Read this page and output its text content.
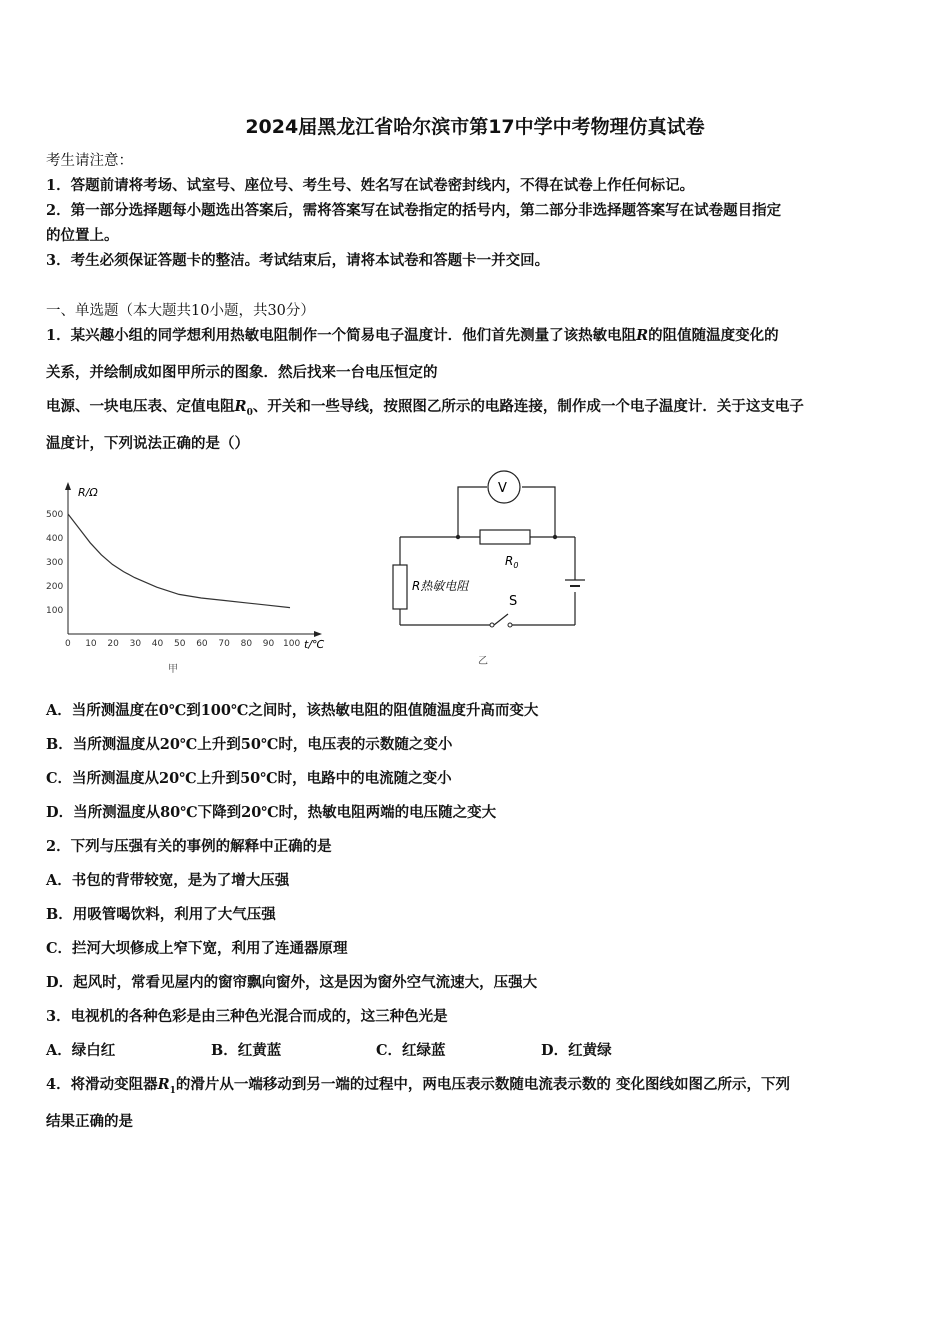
2024届黑龙江省哈尔滨市第17中学中考物理仿真试卷
考生请注意：
1．答题前请将考场、试室号、座位号、考生号、姓名写在试卷密封线内，不得在试卷上作任何标记。
2．第一部分选择题每小题选出答案后，需将答案写在试卷指定的括号内，第二部分非选择题答案写在试卷题目指定
的位置上。
3．考生必须保证答题卡的整洁。考试结束后，请将本试卷和答题卡一并交回。
一、单选题（本大题共10小题，共30分）
1．某兴趣小组的同学想利用热敏电阻制作一个简易电子温度计．他们首先测量了该热敏电阻R的阻值随温度变化的
关系，并绘制成如图甲所示的图象．然后找来一台电压恒定的
电源、一块电压表、定值电阻$R_0$、开关和一些导线，按照图乙所示的电路连接，制作成一个电子温度计．关于这支电子
温度计，下列说法正确的是（）
R/Ω
t/℃
0 10 20 30 40 50 60 70 80 90 100
100
200
300
400
500
甲
V
$R_0$
R热敏电阻
S
乙
A．当所测温度在0℃到100℃之间时，该热敏电阻的阻值随温度升高而变大
B．当所测温度从20℃上升到50℃时，电压表的示数随之变小
C．当所测温度从20℃上升到50℃时，电路中的电流随之变小
D．当所测温度从80℃下降到20℃时，热敏电阻两端的电压随之变大
2．下列与压强有关的事例的解释中正确的是
A．书包的背带较宽，是为了增大压强
B．用吸管喝饮料，利用了大气压强
C．拦河大坝修成上窄下宽，利用了连通器原理
D．起风时，常看见屋内的窗帘飘向窗外，这是因为窗外空气流速大，压强大
3．电视机的各种色彩是由三种色光混合而成的，这三种色光是
A．绿白红	B．红黄蓝	C．红绿蓝	D．红黄绿
4．将滑动变阻器$R_1$的滑片从一端移动到另一端的过程中，两电压表示数随电流表示数的 变化图线如图乙所示，下列
结果正确的是
